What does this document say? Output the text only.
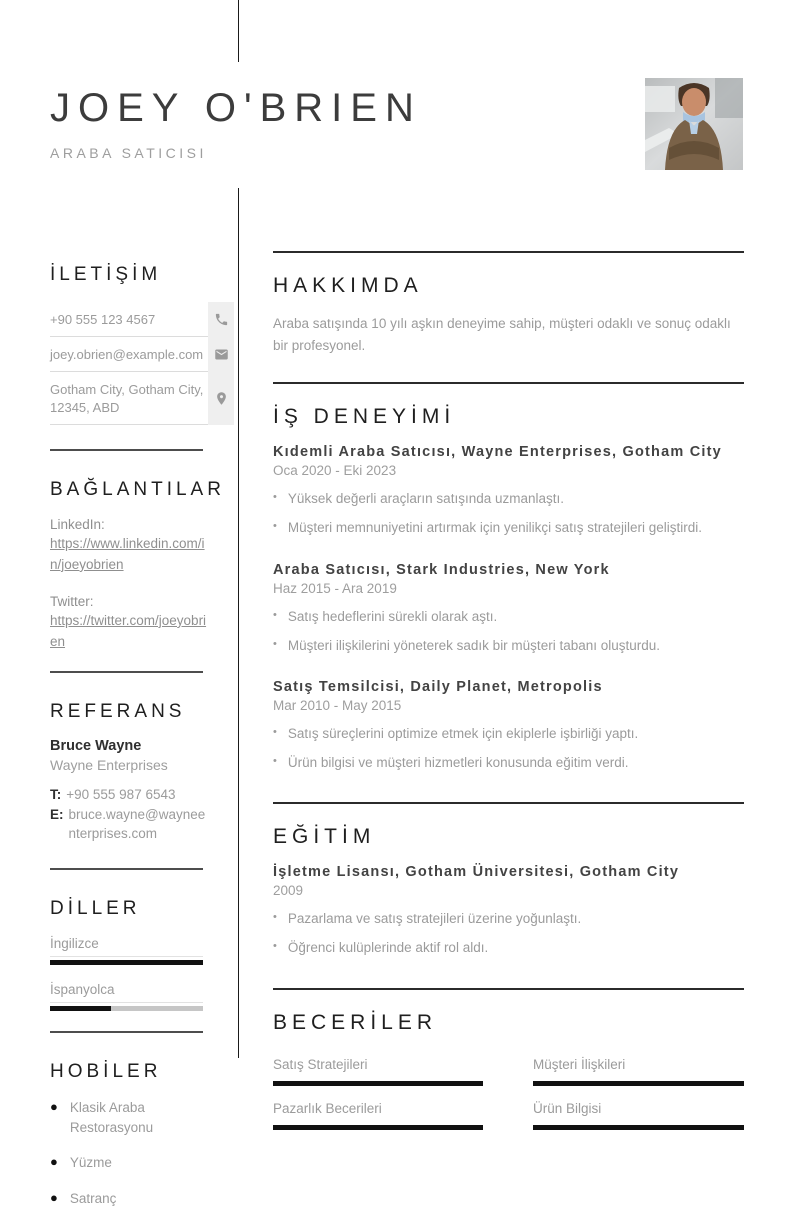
JOEY O'BRIEN
ARABA SATICISI
İLETİŞİM
+90 555 123 4567
joey.obrien@example.com
Gotham City, Gotham City, 12345, ABD
BAĞLANTILAR
LinkedIn:
https://www.linkedin.com/in/joeyobrien
Twitter:
https://twitter.com/joeyobrien
REFERANS
Bruce Wayne
Wayne Enterprises
T: +90 555 987 6543
E: bruce.wayne@wayneenterprises.com
DİLLER
İngilizce
İspanyolca
HOBİLER
● Klasik Araba Restorasyonu
● Yüzme
● Satranç
HAKKIMDA

Araba satışında 10 yılı aşkın deneyime sahip, müşteri odaklı ve sonuç odaklı bir profesyonel.

İŞ DENEYİMİ
Kıdemli Araba Satıcısı, Wayne Enterprises, Gotham City
Oca 2020 - Eki 2023
• Yüksek değerli araçların satışında uzmanlaştı.
• Müşteri memnuniyetini artırmak için yenilikçi satış stratejileri geliştirdi.
Araba Satıcısı, Stark Industries, New York
Haz 2015 - Ara 2019
• Satış hedeflerini sürekli olarak aştı.
• Müşteri ilişkilerini yöneterek sadık bir müşteri tabanı oluşturdu.
Satış Temsilcisi, Daily Planet, Metropolis
Mar 2010 - May 2015
• Satış süreçlerini optimize etmek için ekiplerle işbirliği yaptı.
• Ürün bilgisi ve müşteri hizmetleri konusunda eğitim verdi.
EĞİTİM
İşletme Lisansı, Gotham Üniversitesi, Gotham City
2009
• Pazarlama ve satış stratejileri üzerine yoğunlaştı.
• Öğrenci kulüplerinde aktif rol aldı.
BECERİLER
Satış Stratejileri	Müşteri İlişkileri
Pazarlık Becerileri	Ürün Bilgisi
